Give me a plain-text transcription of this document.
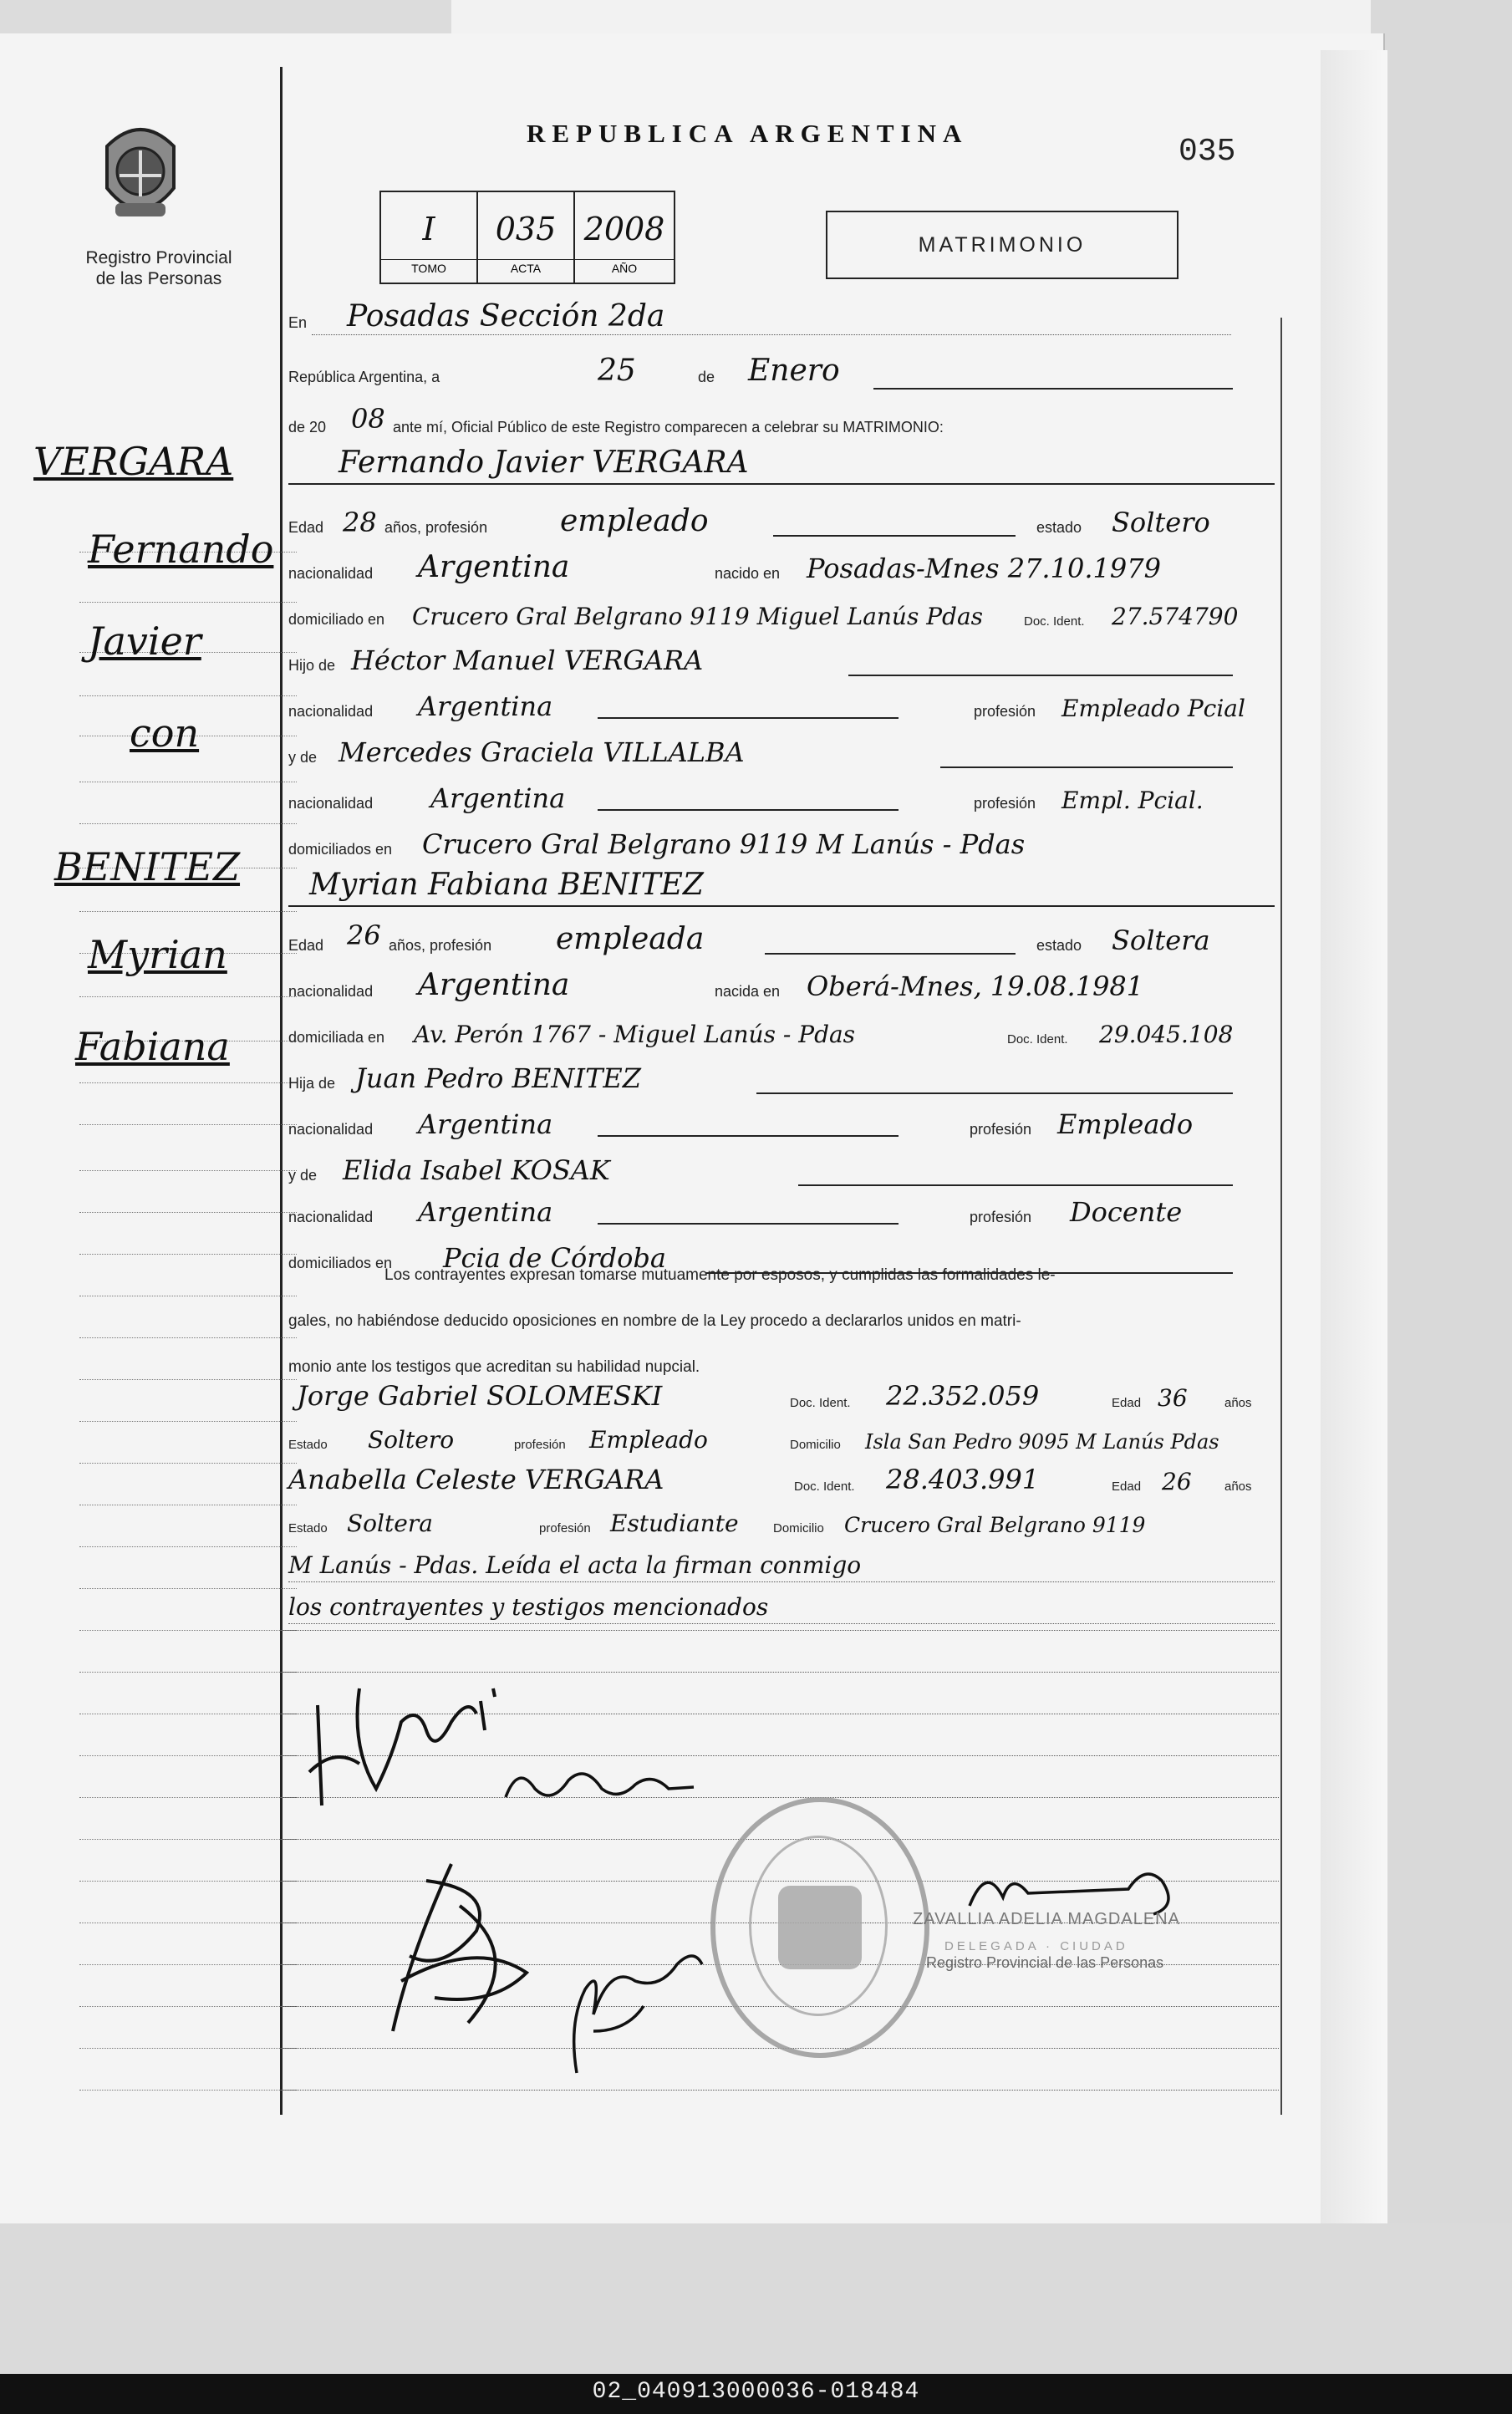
Registro Provincial
de las Personas
REPUBLICA ARGENTINA
035
I
TOMO
035
ACTA
2008
AÑO
MATRIMONIO
VERGARA
Fernando
Javier
con
BENITEZ
Myrian
Fabiana
En Posadas Sección 2da
República Argentina, a	25	de Enero
de 20 08 ante mí, Oficial Público de este Registro comparecen a celebrar su MATRIMONIO:
Fernando Javier VERGARA
Edad 28 años, profesión empleado	estado Soltero
nacionalidad Argentina	nacido en Posadas-Mnes 27.10.1979
domiciliado en Crucero Gral Belgrano 9119 Miguel Lanús Pdas	Doc. Ident. 27.574790
Hijo de Héctor Manuel VERGARA
nacionalidad Argentina	profesión Empleado Pcial
y de Mercedes Graciela VILLALBA
nacionalidad Argentina	profesión Empl. Pcial.
domiciliados en Crucero Gral Belgrano 9119 M Lanús - Pdas
Myrian Fabiana BENITEZ
Edad 26 años, profesión empleada	estado Soltera
nacionalidad Argentina	nacida en Oberá-Mnes, 19.08.1981
domiciliada en Av. Perón 1767 - Miguel Lanús - Pdas	Doc. Ident. 29.045.108
Hija de Juan Pedro BENITEZ
nacionalidad Argentina	profesión Empleado
y de Elida Isabel KOSAK
nacionalidad Argentina	profesión Docente
domiciliados en Pcia de Córdoba
Los contrayentes expresan tomarse mutuamente por esposos, y cumplidas las formalidades le-
gales, no habiéndose deducido oposiciones en nombre de la Ley procedo a declararlos unidos en matri-
monio ante los testigos que acreditan su habilidad nupcial.
Jorge Gabriel SOLOMESKI	Doc. Ident. 22.352.059	Edad 36	años
Estado Soltero	profesión Empleado	Domicilio Isla San Pedro 9095 M Lanús Pdas
Anabella Celeste VERGARA	Doc. Ident. 28.403.991	Edad 26	años
Estado Soltera	profesión Estudiante	Domicilio Crucero Gral Belgrano 9119
M Lanús - Pdas. Leída el acta la firman conmigo
los contrayentes y testigos mencionados
ZAVALLIA ADELIA MAGDALENA
DELEGADA · CIUDAD
Registro Provincial de las Personas
02_040913000036-018484
